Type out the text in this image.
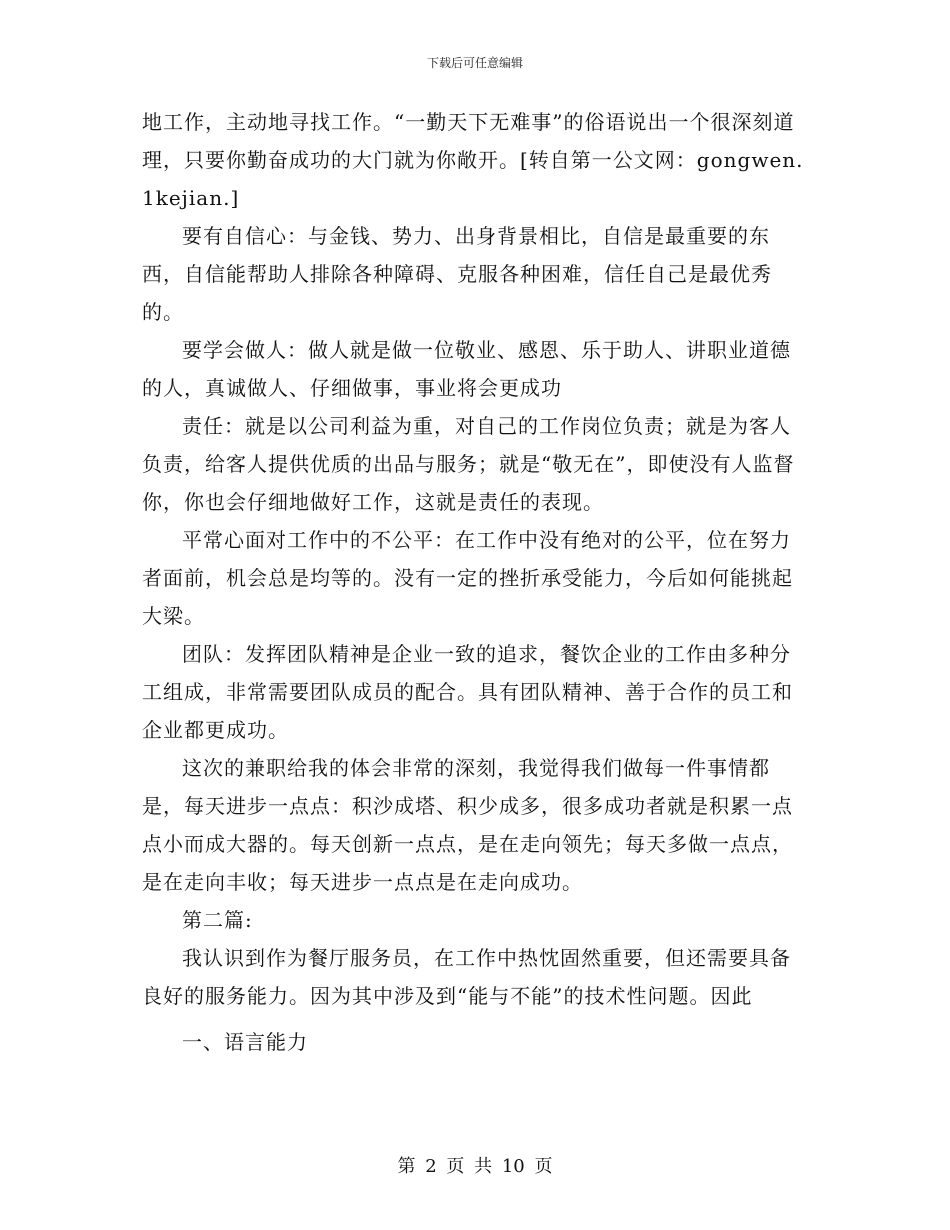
下载后可任意编辑

地工作，主动地寻找工作。“一勤天下无难事”的俗语说出一个很深刻道理，只要你勤奋成功的大门就为你敞开。[转自第一公文网：gongwen.1kejian.]

要有自信心：与金钱、势力、出身背景相比，自信是最重要的东西，自信能帮助人排除各种障碍、克服各种困难，信任自己是最优秀的。

要学会做人：做人就是做一位敬业、感恩、乐于助人、讲职业道德的人，真诚做人、仔细做事，事业将会更成功

责任：就是以公司利益为重，对自己的工作岗位负责；就是为客人负责，给客人提供优质的出品与服务；就是“敬无在”，即使没有人监督你，你也会仔细地做好工作，这就是责任的表现。

平常心面对工作中的不公平：在工作中没有绝对的公平，位在努力者面前，机会总是均等的。没有一定的挫折承受能力，今后如何能挑起大梁。

团队：发挥团队精神是企业一致的追求，餐饮企业的工作由多种分工组成，非常需要团队成员的配合。具有团队精神、善于合作的员工和企业都更成功。

这次的兼职给我的体会非常的深刻，我觉得我们做每一件事情都是，每天进步一点点：积沙成塔、积少成多，很多成功者就是积累一点点小而成大器的。每天创新一点点，是在走向领先；每天多做一点点，是在走向丰收；每天进步一点点是在走向成功。

第二篇:

我认识到作为餐厅服务员，在工作中热忱固然重要，但还需要具备良好的服务能力。因为其中涉及到“能与不能”的技术性问题。因此

一、语言能力

第 2 页 共 10 页
